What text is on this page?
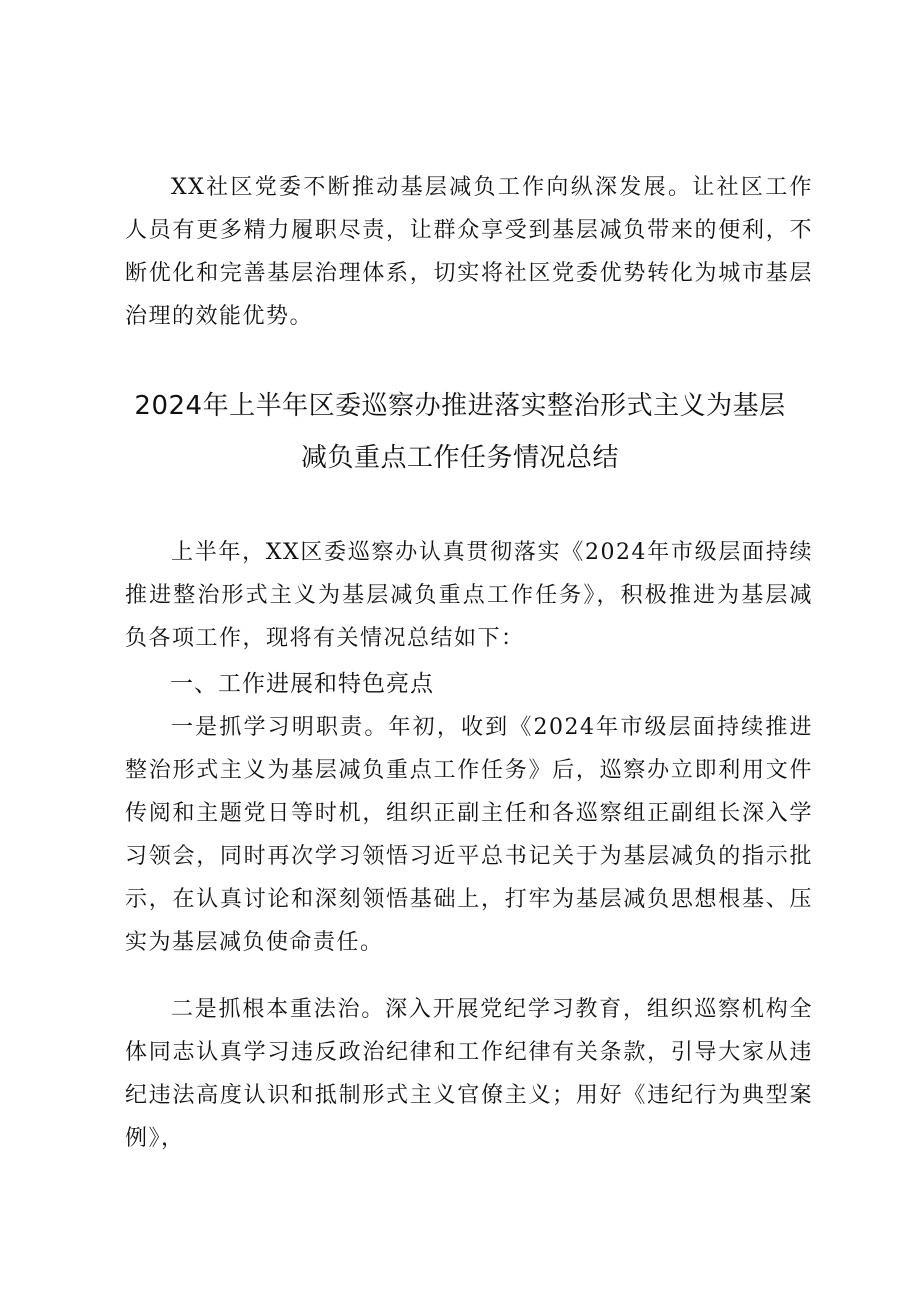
XX社区党委不断推动基层减负工作向纵深发展。让社区工作人员有更多精力履职尽责，让群众享受到基层减负带来的便利，不断优化和完善基层治理体系，切实将社区党委优势转化为城市基层治理的效能优势。

2024年上半年区委巡察办推进落实整治形式主义为基层
减负重点工作任务情况总结

上半年，XX区委巡察办认真贯彻落实《2024年市级层面持续推进整治形式主义为基层减负重点工作任务》，积极推进为基层减负各项工作，现将有关情况总结如下：

一、工作进展和特色亮点

一是抓学习明职责。年初，收到《2024年市级层面持续推进整治形式主义为基层减负重点工作任务》后，巡察办立即利用文件传阅和主题党日等时机，组织正副主任和各巡察组正副组长深入学习领会，同时再次学习领悟习近平总书记关于为基层减负的指示批示，在认真讨论和深刻领悟基础上，打牢为基层减负思想根基、压实为基层减负使命责任。

二是抓根本重法治。深入开展党纪学习教育，组织巡察机构全体同志认真学习违反政治纪律和工作纪律有关条款，引导大家从违纪违法高度认识和抵制形式主义官僚主义；用好《违纪行为典型案例》，
